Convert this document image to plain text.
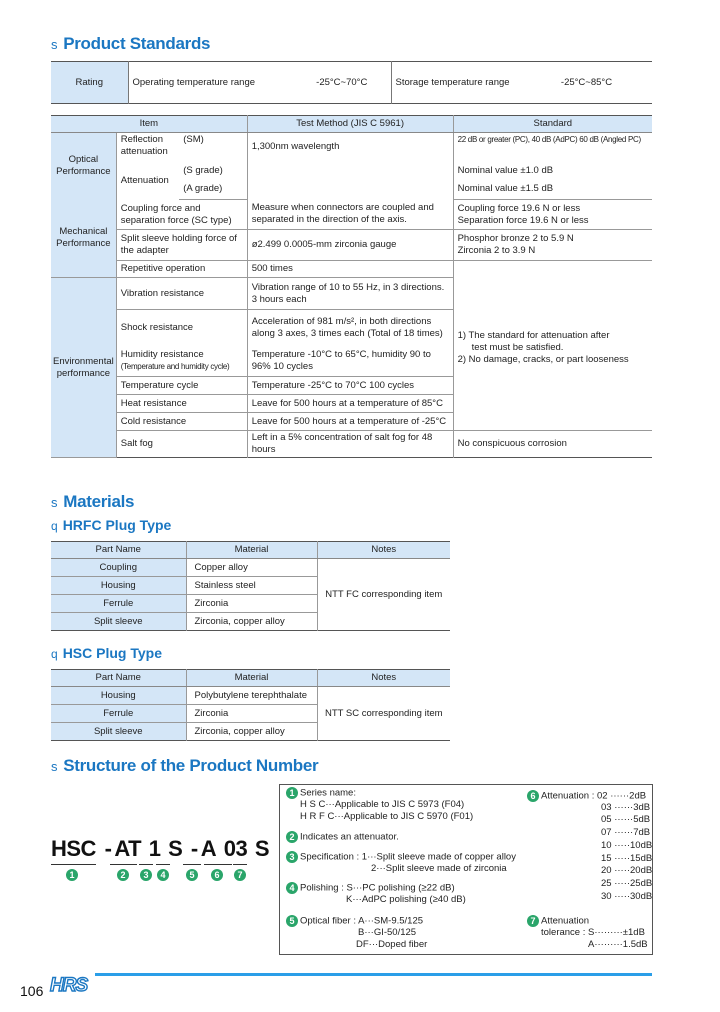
s Product Standards
Rating	Operating temperature range	-25°C~70°C	Storage temperature range	-25°C~85°C
Item			Test Method (JIS C 5961)	Standard
Optical Performance	Reflection attenuation	(SM)	1,300nm wavelength	22 dB or greater (PC), 40 dB (AdPC) 60 dB (Angled PC)

	Attenuation	(S grade)		Nominal value ±1.0 dB
		(A grade)		Nominal value ±1.5 dB
Mechanical Performance	Coupling force and separation force (SC type)		Measure when connectors are coupled and separated in the direction of the axis.	Coupling force 19.6 N or less
Separation force 19.6 N or less

	Split sleeve holding force of the adapter		ø2.499 0.0005-mm zirconia gauge	Phosphor bronze 2 to 5.9 N
Zirconia 2 to 3.9 N

	Repetitive operation		500 times	1) The standard for attenuation after
test must be satisfied.
2) No damage, cracks, or part looseness

Environmental performance	Vibration resistance		Vibration range of 10 to 55 Hz, in 3 directions. 3 hours each	
	Shock resistance		Acceleration of 981 m/s², in both directions along 3 axes, 3 times each (Total of 18 times)	

	Humidity resistance
(Temperature and humidity cycle)		Temperature -10°C to 65°C, humidity 90 to 96% 10 cycles	
	Temperature cycle		Temperature -25°C to 70°C 100 cycles	
	Heat resistance		Leave for 500 hours at a temperature of 85°C	
	Cold resistance		Leave for 500 hours at a temperature of -25°C	
	Salt fog		Left in a 5% concentration of salt fog for 48 hours	No conspicuous corrosion
s Materials
q HRFC Plug Type
Part Name	Material	Notes
Coupling	Copper alloy	NTT FC corresponding item
Housing	Stainless steel	
Ferrule	Zirconia	
Split sleeve	Zirconia, copper alloy	
q HSC Plug Type
Part Name	Material	Notes
Housing	Polybutylene terephthalate	NTT SC corresponding item
Ferrule	Zirconia	
Split sleeve	Zirconia, copper alloy	
s Structure of the Product Number
HSC - AT 1 S - A 03 S
1	2	3	4	5	6	7
1 Series name:
H S C···Applicable to JIS C 5973 (F04)
H R F C···Applicable to JIS C 5970 (F01)
2 Indicates an attenuator.
3 Specification : 1···Split sleeve made of copper alloy
2···Split sleeve made of zirconia
4 Polishing : S···PC polishing (≥22 dB)
K···AdPC polishing (≥40 dB)
5 Optical fiber : A···SM-9.5/125
B···GI-50/125
DF···Doped fiber
6 Attenuation : 02 ······2dB
03 ······3dB
05 ······5dB
07 ······7dB
10 ·····10dB
15 ·····15dB
20 ·····20dB
25 ·····25dB
30 ·····30dB
7 Attenuation
tolerance : S·········±1dB
A·········1.5dB
106 HRS
